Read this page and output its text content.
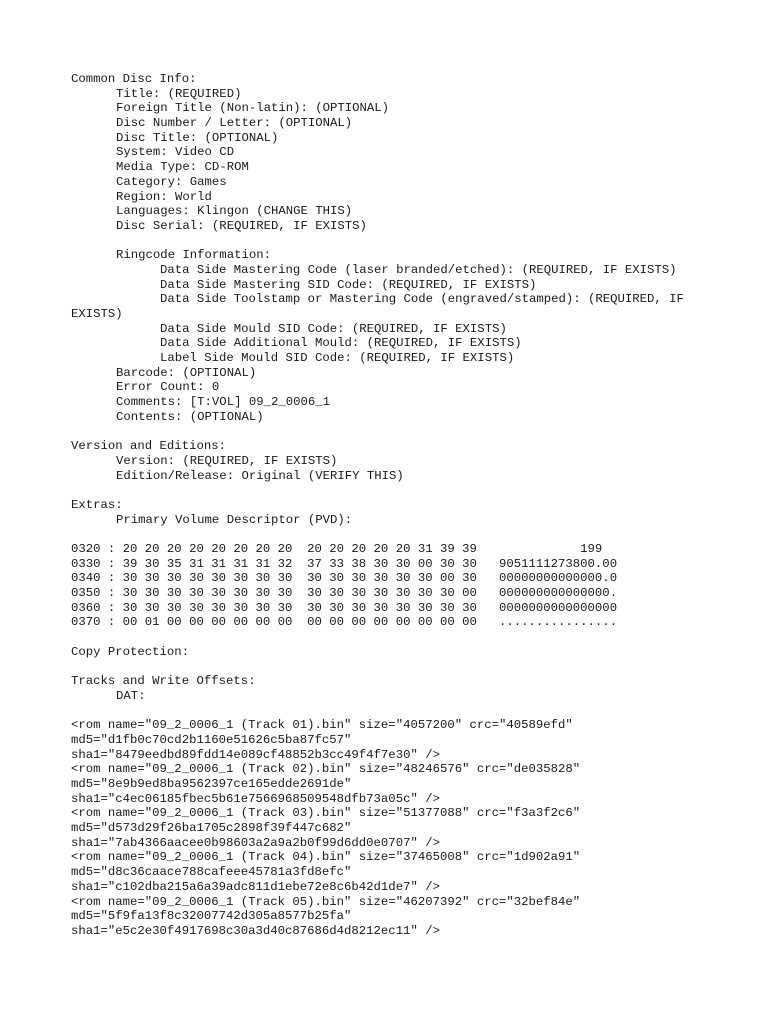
Common Disc Info:
Title: (REQUIRED)
Foreign Title (Non-latin): (OPTIONAL)
Disc Number / Letter: (OPTIONAL)
Disc Title: (OPTIONAL)
System: Video CD
Media Type: CD-ROM
Category: Games
Region: World
Languages: Klingon (CHANGE THIS)
Disc Serial: (REQUIRED, IF EXISTS)
Ringcode Information:
Data Side Mastering Code (laser branded/etched): (REQUIRED, IF EXISTS)
Data Side Mastering SID Code: (REQUIRED, IF EXISTS)
Data Side Toolstamp or Mastering Code (engraved/stamped): (REQUIRED, IF
EXISTS)
Data Side Mould SID Code: (REQUIRED, IF EXISTS)
Data Side Additional Mould: (REQUIRED, IF EXISTS)
Label Side Mould SID Code: (REQUIRED, IF EXISTS)
Barcode: (OPTIONAL)
Error Count: 0
Comments: [T:VOL] 09_2_0006_1
Contents: (OPTIONAL)
Version and Editions:
Version: (REQUIRED, IF EXISTS)
Edition/Release: Original (VERIFY THIS)
Extras:
Primary Volume Descriptor (PVD):
0320 : 20 20 20 20 20 20 20 20  20 20 20 20 20 31 39 39              199
0330 : 39 30 35 31 31 31 31 32  37 33 38 30 30 00 30 30   9051111273800.00
0340 : 30 30 30 30 30 30 30 30  30 30 30 30 30 30 00 30   00000000000000.0
0350 : 30 30 30 30 30 30 30 30  30 30 30 30 30 30 30 00   000000000000000.
0360 : 30 30 30 30 30 30 30 30  30 30 30 30 30 30 30 30   0000000000000000
0370 : 00 01 00 00 00 00 00 00  00 00 00 00 00 00 00 00   ................
Copy Protection:
Tracks and Write Offsets:
DAT:
<rom name="09_2_0006_1 (Track 01).bin" size="4057200" crc="40589efd"
md5="d1fb0c70cd2b1160e51626c5ba87fc57"
sha1="8479eedbd89fdd14e089cf48852b3cc49f4f7e30" />
<rom name="09_2_0006_1 (Track 02).bin" size="48246576" crc="de035828"
md5="8e9b9ed8ba9562397ce165edde2691de"
sha1="c4ec06185fbec5b61e7566968509548dfb73a05c" />
<rom name="09_2_0006_1 (Track 03).bin" size="51377088" crc="f3a3f2c6"
md5="d573d29f26ba1705c2898f39f447c682"
sha1="7ab4366aacee0b98603a2a9a2b0f99d6dd0e0707" />
<rom name="09_2_0006_1 (Track 04).bin" size="37465008" crc="1d902a91"
md5="d8c36caace788cafeee45781a3fd8efc"
sha1="c102dba215a6a39adc811d1ebe72e8c6b42d1de7" />
<rom name="09_2_0006_1 (Track 05).bin" size="46207392" crc="32bef84e"
md5="5f9fa13f8c32007742d305a8577b25fa"
sha1="e5c2e30f4917698c30a3d40c87686d4d8212ec11" />
